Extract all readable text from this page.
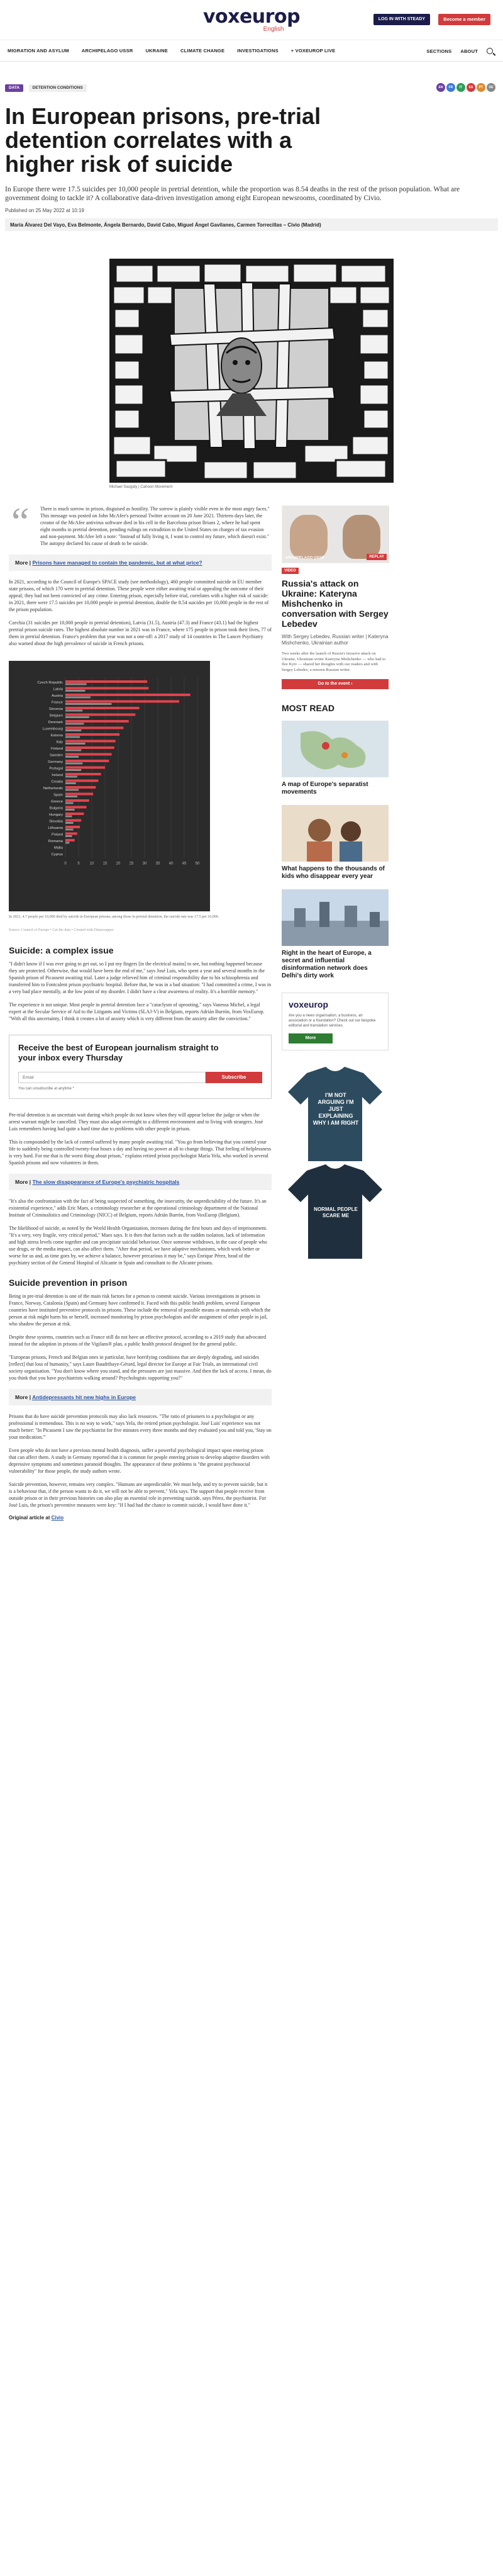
voxeurop
English
LOG IN WITH STEADY	Become a member
MIGRATION AND ASYLUM	ARCHIPELAGO USSR	UKRAINE	CLIMATE CHANGE	INVESTIGATIONS	+ VOXEUROP LIVE	SECTIONS ABOUT
DATA	DETENTION CONDITIONS	EN	FR	IT	ES	PT	DE
In European prisons, pre-trial detention correlates with a higher risk of suicide

In Europe there were 17.5 suicides per 10,000 people in pretrial detention, while the proportion was 8.54 deaths in the rest of the prison population. What are government doing to tackle it? A collaborative data-driven investigation among eight European newsrooms, coordinated by Civio.

Published on 25 May 2022 at 10:19

María Álvarez Del Vayo, Eva Belmonte, Ángela Bernardo, David Cabo, Miguel Ángel Gavilanes, Carmen Torrecillas – Civio (Madrid)

Michael Saugaty | Cartoon Movement

“ There is much sorrow in prison, disguised as hostility. The sorrow is plainly visible even in the most angry faces." This message was posted on John McAfee's personal Twitter account on 20 June 2021. Thirteen days later, the creator of the McAfee antivirus software died in his cell in the Barcelona prison Brians 2, where he had spent eight months in pretrial detention, pending rulings on extradition to the United States on charges of tax evasion and non-payment. McAfee left a note: "Instead of fully living it, I want to control my future, which doesn't exist." The autopsy declared his cause of death to be suicide.

More | Prisons have managed to contain the pandemic, but at what price?

In 2021, according to the Council of Europe's SPACE study (see methodology), 460 people committed suicide in EU member state prisons, of which 170 were in pretrial detention. These people were either awaiting trial or appealing the outcome of their appeal; they had not been convicted of any crime. Entering prison, especially before trial, correlates with a higher risk of suicide: in 2021, there were 17.5 suicides per 10,000 people in pretrial detention, double the 8.54 suicides per 10,000 people in the rest of the prison population.

Czechia (31 suicides per 10,000 people in pretrial detention), Latvia (31.5), Austria (47.3) and France (43.1) had the highest pretrial prison suicide rates. The highest absolute number in 2021 was in France, where 175 people in prison took their lives, 77 of them in pretrial detention. France's problem that year was not a one-off: a 2017 study of 14 countries in The Lancet Psychiatry also warned about the high prevalence of suicide in French prisons.

0	5	10 15 20 25 30 35 40 45 50
Czech Republic
Latvia
Austria
France
Slovenia
Belgium
Denmark
Luxembourg
Estonia
Italy
Finland
Sweden
Germany
Portugal
Ireland
Croatia
Netherlands
Spain
Greece
Bulgaria
Hungary
Slovakia
Lithuania
Poland
Romania
Malta
Cyprus

In 2021, 4.7 people per 10,000 died by suicide in European prisons; among those in pretrial detention, the suicide rate was 17.5 per 10,000.

Source: Council of Europe • Get the data • Created with Datawrapper

Suicide: a complex issue

"I didn't know if I was ever going to get out, so I put my fingers [in the electrical mains] to see, but nothing happened because they are protected. Otherwise, that would have been the end of me," says José Luis, who spent a year and several months in the Spanish prison of Picassent awaiting trial. Later a judge relieved him of criminal responsibility due to his schizophrenia and transferred him to Fontcalent prison psychiatric hospital. Before that, he was in a bad situation: "I had committed a crime, I was in a very bad place mentally, at the low point of my disorder. I didn't have a clear awareness of reality. It's a horrible memory."

The experience is not unique. Most people in pretrial detention face a "cataclysm of uprooting," says Vanessa Michel, a legal expert at the Secular Service of Aid to the Litigants and Victims (SLAJ-V) in Belgium, reports Adrián Burrón, from VoxEurop. "With all this uncertainty, I think it creates a lot of anxiety which is very different from the anxiety after the conviction."

Receive the best of European journalism straight to your inbox every Thursday
Email
Subscribe
You can unsubscribe at anytime *

Pre-trial detention is an uncertain wait during which people do not know when they will appear before the judge or when the arrest warrant might be cancelled. They must also adapt overnight to a different environment and to living with strangers. José Luis remembers having had quite a hard time due to problems with other people in prison.

This is compounded by the lack of control suffered by many people awaiting trial. "You go from believing that you control your life to suddenly being controlled twenty-four hours a day and having no power at all to change things. That feeling of helplessness is very hard. For me that is the worst thing about prison," explains retired prison psychologist María Yela, who worked in several Spanish prisons and now volunteers in them.

More | The slow disappearance of Europe's psychiatric hospitals

"It's also the confrontation with the fact of being suspected of something, the insecurity, the unpredictability of the future. It's an existential experience," adds Eric Maes, a criminology researcher at the operational criminology department of the National Institute of Criminalistics and Criminology (NICC) of Belgium, reports Adrián Burrón, from VoxEurop (Belgium).

The likelihood of suicide, as noted by the World Health Organization, increases during the first hours and days of imprisonment. "It's a very, very fragile, very critical period," Maes says. It is then that factors such as the sudden isolation, lack of information and high stress levels come together and can precipitate suicidal behaviour. Once someone withdraws, in the case of people who use drugs, or the media impact, can also affect them. "After that period, we have adaptive mechanisms, which work better or worse for us and, as time goes by, we achieve a balance, however precarious it may be," says Enrique Pérez, head of the psychiatry section of the General Hospital of Alicante in Spain and consultant to the Alicante prisons.

Suicide prevention in prison

Being in pre-trial detention is one of the main risk factors for a person to commit suicide. Various investigations in prisons in France, Norway, Catalonia (Spain) and Germany have confirmed it. Faced with this public health problem, several European countries have instituted preventive protocols in prisons. These include the removal of possible means or materials with which the person at risk might harm his or herself, increased monitoring by prison psychologists and the assignment of other people in jail, who shadow the person at risk.

Despite these systems, countries such as France still do not have an effective protocol, according to a 2019 study that advocated instead for the adoption in prisons of the Vigilans® plan, a public health protocol designed for the general public.

"European prisons, French and Belgian ones in particular, have horrifying conditions that are deeply degrading, and suicides [reflect] that loss of humanity," says Laure Baudrihaye-Gérard, legal director for Europe at Fair Trials, an international civil society organisation. "You don't know where you stand, and the pressures are just massive. And then the lack of access. I mean, do you think that you have psychiatrists walking around? Psychologists supporting you?"

More | Antidepressants hit new highs in Europe

Prisons that do have suicide prevention protocols may also lack resources. "The ratio of prisoners to a psychologist or any professional is tremendous. This is no way to work," says Yela, the retired prison psychologist. José Luis' experience was not much better: "In Picassent I saw the psychiatrist for five minutes every three months and they evaluated you and told you, 'Stay on your medication.'"

Even people who do not have a previous mental health diagnosis, suffer a powerful psychological impact upon entering prison that can affect them. A study in Germany reported that it is common for people entering prison to develop adaptive disorders with depressive symptoms and sometimes paranoid thoughts. The appearance of these problems is "the greatest psychosocial vulnerability" for those people, the study authors wrote.

Suicide prevention, however, remains very complex. "Humans are unpredictable. We must help, and try to prevent suicide, but it is a behaviour that, if the person wants to do it, we will not be able to prevent," Yela says. The support that people receive from outside prison or in their previous histories can also play an essential role in preventing suicide, says Pérez, the psychiatrist. For José Luis, the prison's preventive measures were key: "If I had had the chance to commit suicide, I would have done it."

Original article at Civio

ARCHIPELAGO USSR	REPLAY
VIDEO
Russia's attack on Ukraine: Kateryna Mishchenko in conversation with Sergey Lebedev
With Sergey Lebedev, Russian writer | Kateryna Mishchenko, Ukrainian author
Two weeks after the launch of Russia's invasive attack on Ukraine, Ukrainian writer Kateryna Mishchenko — who had to flee Kyiv — shared her thoughts with our readers and with Sergey Lebedev, a renown Russian writer.
Go to the event ›
MOST READ
A map of Europe's separatist movements
What happens to the thousands of kids who disappear every year
Right in the heart of Europe, a secret and influential disinformation network does Delhi's dirty work
voxeurop
Are you a news organisation, a business, an association or a foundation? Check out our bespoke editorial and translation services.
More
I'M NOT ARGUING I'M JUST EXPLAINING WHY I AM RIGHT
NORMAL PEOPLE SCARE ME
